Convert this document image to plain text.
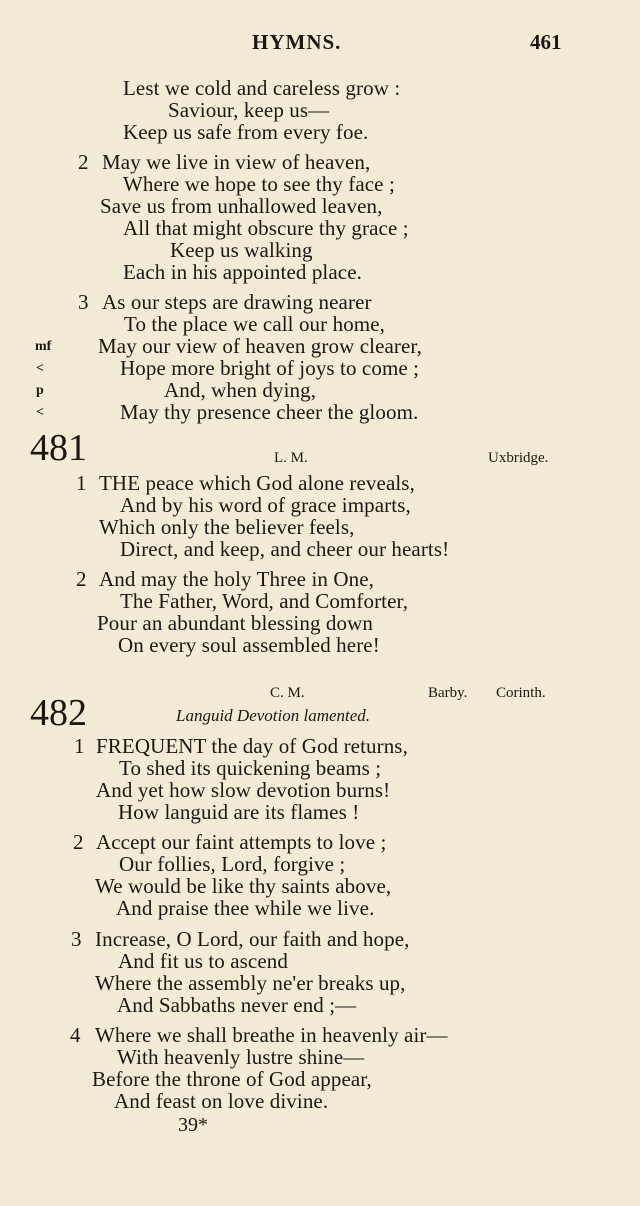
HYMNS.	461
Lest we cold and careless grow :
Saviour, keep us—
Keep us safe from every foe.
2 May we live in view of heaven,
Where we hope to see thy face ;
Save us from unhallowed leaven,
All that might obscure thy grace ;
Keep us walking
Each in his appointed place.
3 As our steps are drawing nearer
To the place we call our home,
May our view of heaven grow clearer,
Hope more bright of joys to come ;
And, when dying,
May thy presence cheer the gloom.
mf
<
p
<
481	L. M.	Uxbridge.
1 THE peace which God alone reveals,
And by his word of grace imparts,
Which only the believer feels,
Direct, and keep, and cheer our hearts!
2 And may the holy Three in One,
The Father, Word, and Comforter,
Pour an abundant blessing down
On every soul assembled here!
482	C. M.	Barby. Corinth.
Languid Devotion lamented.
1 FREQUENT the day of God returns,
To shed its quickening beams ;
And yet how slow devotion burns!
How languid are its flames !
2 Accept our faint attempts to love ;
Our follies, Lord, forgive ;
We would be like thy saints above,
And praise thee while we live.
3 Increase, O Lord, our faith and hope,
And fit us to ascend
Where the assembly ne'er breaks up,
And Sabbaths never end ;—
4 Where we shall breathe in heavenly air—
With heavenly lustre shine—
Before the throne of God appear,
And feast on love divine.
39*
